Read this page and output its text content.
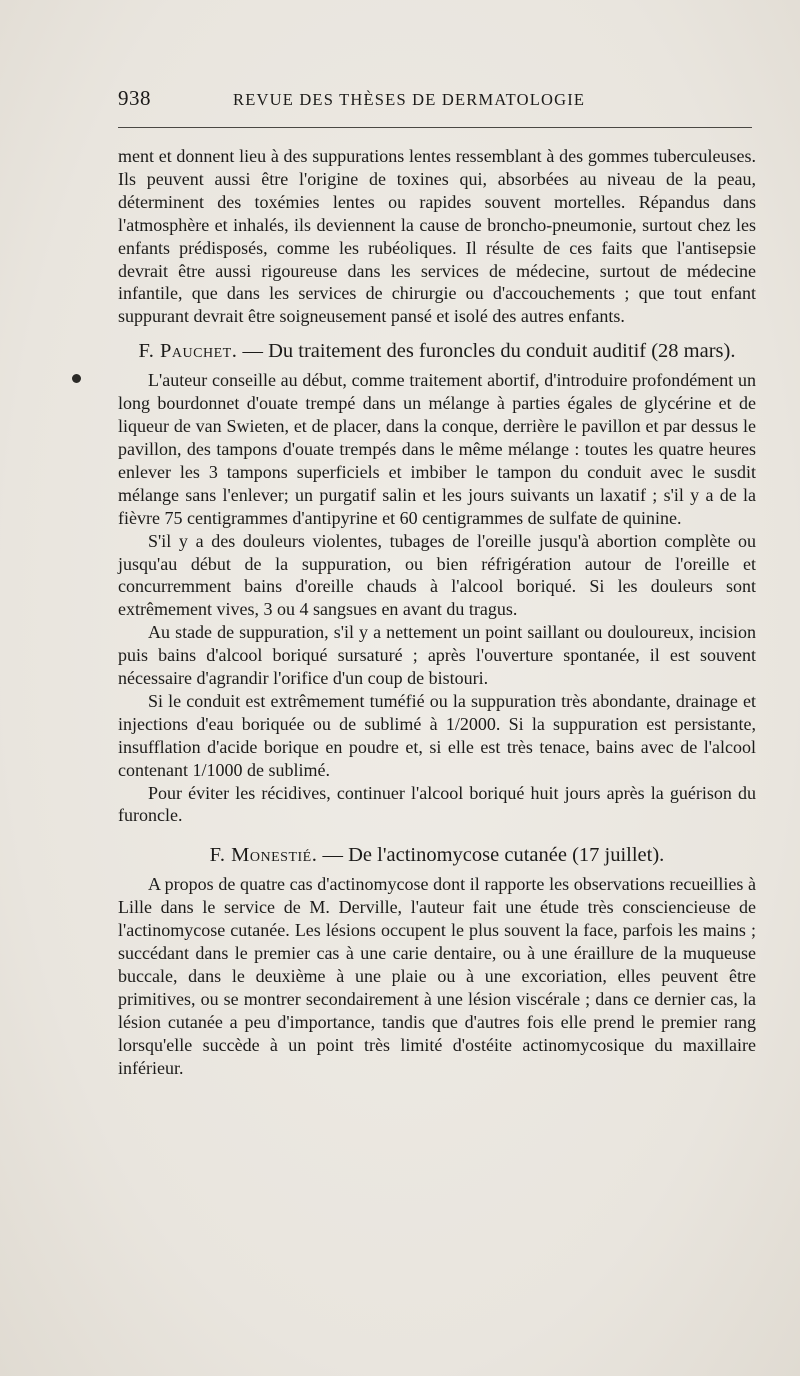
938	REVUE DES THÈSES DE DERMATOLOGIE

ment et donnent lieu à des suppurations lentes ressemblant à des gommes tuberculeuses. Ils peuvent aussi être l'origine de toxines qui, absorbées au niveau de la peau, déterminent des toxémies lentes ou rapides souvent mortelles. Répandus dans l'atmosphère et inhalés, ils deviennent la cause de broncho-pneumonie, surtout chez les enfants prédisposés, comme les rubéoliques. Il résulte de ces faits que l'antisepsie devrait être aussi rigoureuse dans les services de médecine, surtout de médecine infantile, que dans les services de chirurgie ou d'accouchements ; que tout enfant suppurant devrait être soigneusement pansé et isolé des autres enfants.

F. Pauchet. — Du traitement des furoncles du conduit auditif (28 mars).

L'auteur conseille au début, comme traitement abortif, d'introduire profondément un long bourdonnet d'ouate trempé dans un mélange à parties égales de glycérine et de liqueur de van Swieten, et de placer, dans la conque, derrière le pavillon et par dessus le pavillon, des tampons d'ouate trempés dans le même mélange : toutes les quatre heures enlever les 3 tampons superficiels et imbiber le tampon du conduit avec le susdit mélange sans l'enlever; un purgatif salin et les jours suivants un laxatif ; s'il y a de la fièvre 75 centigrammes d'antipyrine et 60 centigrammes de sulfate de quinine.

S'il y a des douleurs violentes, tubages de l'oreille jusqu'à abortion complète ou jusqu'au début de la suppuration, ou bien réfrigération autour de l'oreille et concurremment bains d'oreille chauds à l'alcool boriqué. Si les douleurs sont extrêmement vives, 3 ou 4 sangsues en avant du tragus.

Au stade de suppuration, s'il y a nettement un point saillant ou douloureux, incision puis bains d'alcool boriqué sursaturé ; après l'ouverture spontanée, il est souvent nécessaire d'agrandir l'orifice d'un coup de bistouri.

Si le conduit est extrêmement tuméfié ou la suppuration très abondante, drainage et injections d'eau boriquée ou de sublimé à 1/2000. Si la suppuration est persistante, insufflation d'acide borique en poudre et, si elle est très tenace, bains avec de l'alcool contenant 1/1000 de sublimé.

Pour éviter les récidives, continuer l'alcool boriqué huit jours après la guérison du furoncle.

F. Monestié. — De l'actinomycose cutanée (17 juillet).

A propos de quatre cas d'actinomycose dont il rapporte les observations recueillies à Lille dans le service de M. Derville, l'auteur fait une étude très consciencieuse de l'actinomycose cutanée. Les lésions occupent le plus souvent la face, parfois les mains ; succédant dans le premier cas à une carie dentaire, ou à une éraillure de la muqueuse buccale, dans le deuxième à une plaie ou à une excoriation, elles peuvent être primitives, ou se montrer secondairement à une lésion viscérale ; dans ce dernier cas, la lésion cutanée a peu d'importance, tandis que d'autres fois elle prend le premier rang lorsqu'elle succède à un point très limité d'ostéite actinomycosique du maxillaire inférieur.
